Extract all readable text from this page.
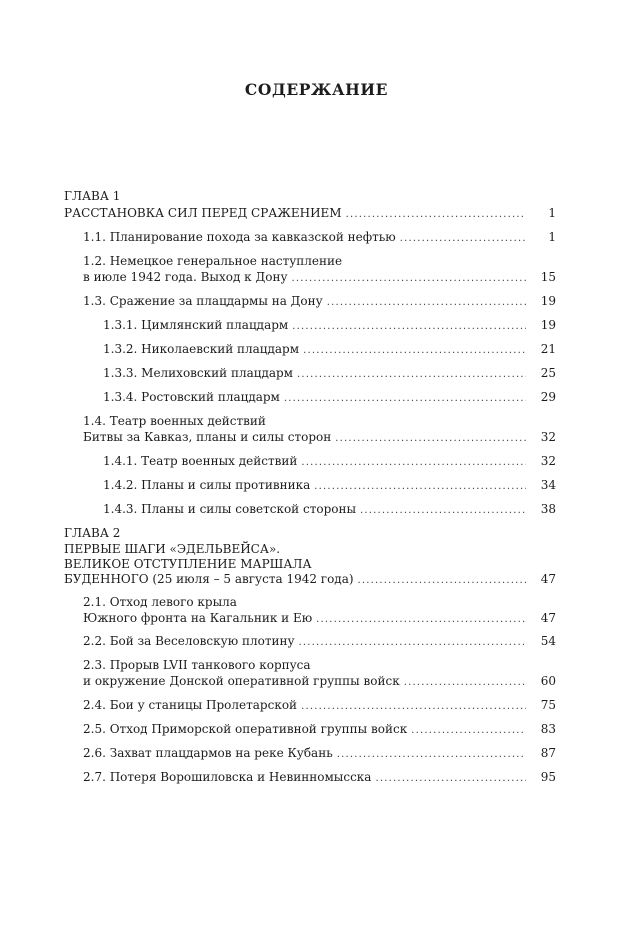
СОДЕРЖАНИЕ
ГЛАВА 1
РАССТАНОВКА СИЛ ПЕРЕД СРАЖЕНИЕМ .....	1
1.1. Планирование похода за кавказской нефтью .....	1
1.2. Немецкое генеральное наступление
в июле 1942 года. Выход к Дону .....	15
1.3. Сражение за плацдармы на Дону .....	19
1.3.1. Цимлянский плацдарм .....	19
1.3.2. Николаевский плацдарм .....	21
1.3.3. Мелиховский плацдарм .....	25
1.3.4. Ростовский плацдарм .....	29
1.4. Театр военных действий
Битвы за Кавказ, планы и силы сторон .....	32
1.4.1. Театр военных действий .....	32
1.4.2. Планы и силы противника .....	34
1.4.3. Планы и силы советской стороны .....	38
ГЛАВА 2
ПЕРВЫЕ ШАГИ «ЭДЕЛЬВЕЙСА».
ВЕЛИКОЕ ОТСТУПЛЕНИЕ МАРШАЛА
БУДЕННОГО (25 июля – 5 августа 1942 года) .....	47
2.1. Отход левого крыла
Южного фронта на Кагальник и Ею .....	47
2.2. Бой за Веселовскую плотину .....	54
2.3. Прорыв LVII танкового корпуса
и окружение Донской оперативной группы войск .....	60
2.4. Бои у станицы Пролетарской .....	75
2.5. Отход Приморской оперативной группы войск .....	83
2.6. Захват плацдармов на реке Кубань .....	87
2.7. Потеря Ворошиловска и Невинномысска .....	95
